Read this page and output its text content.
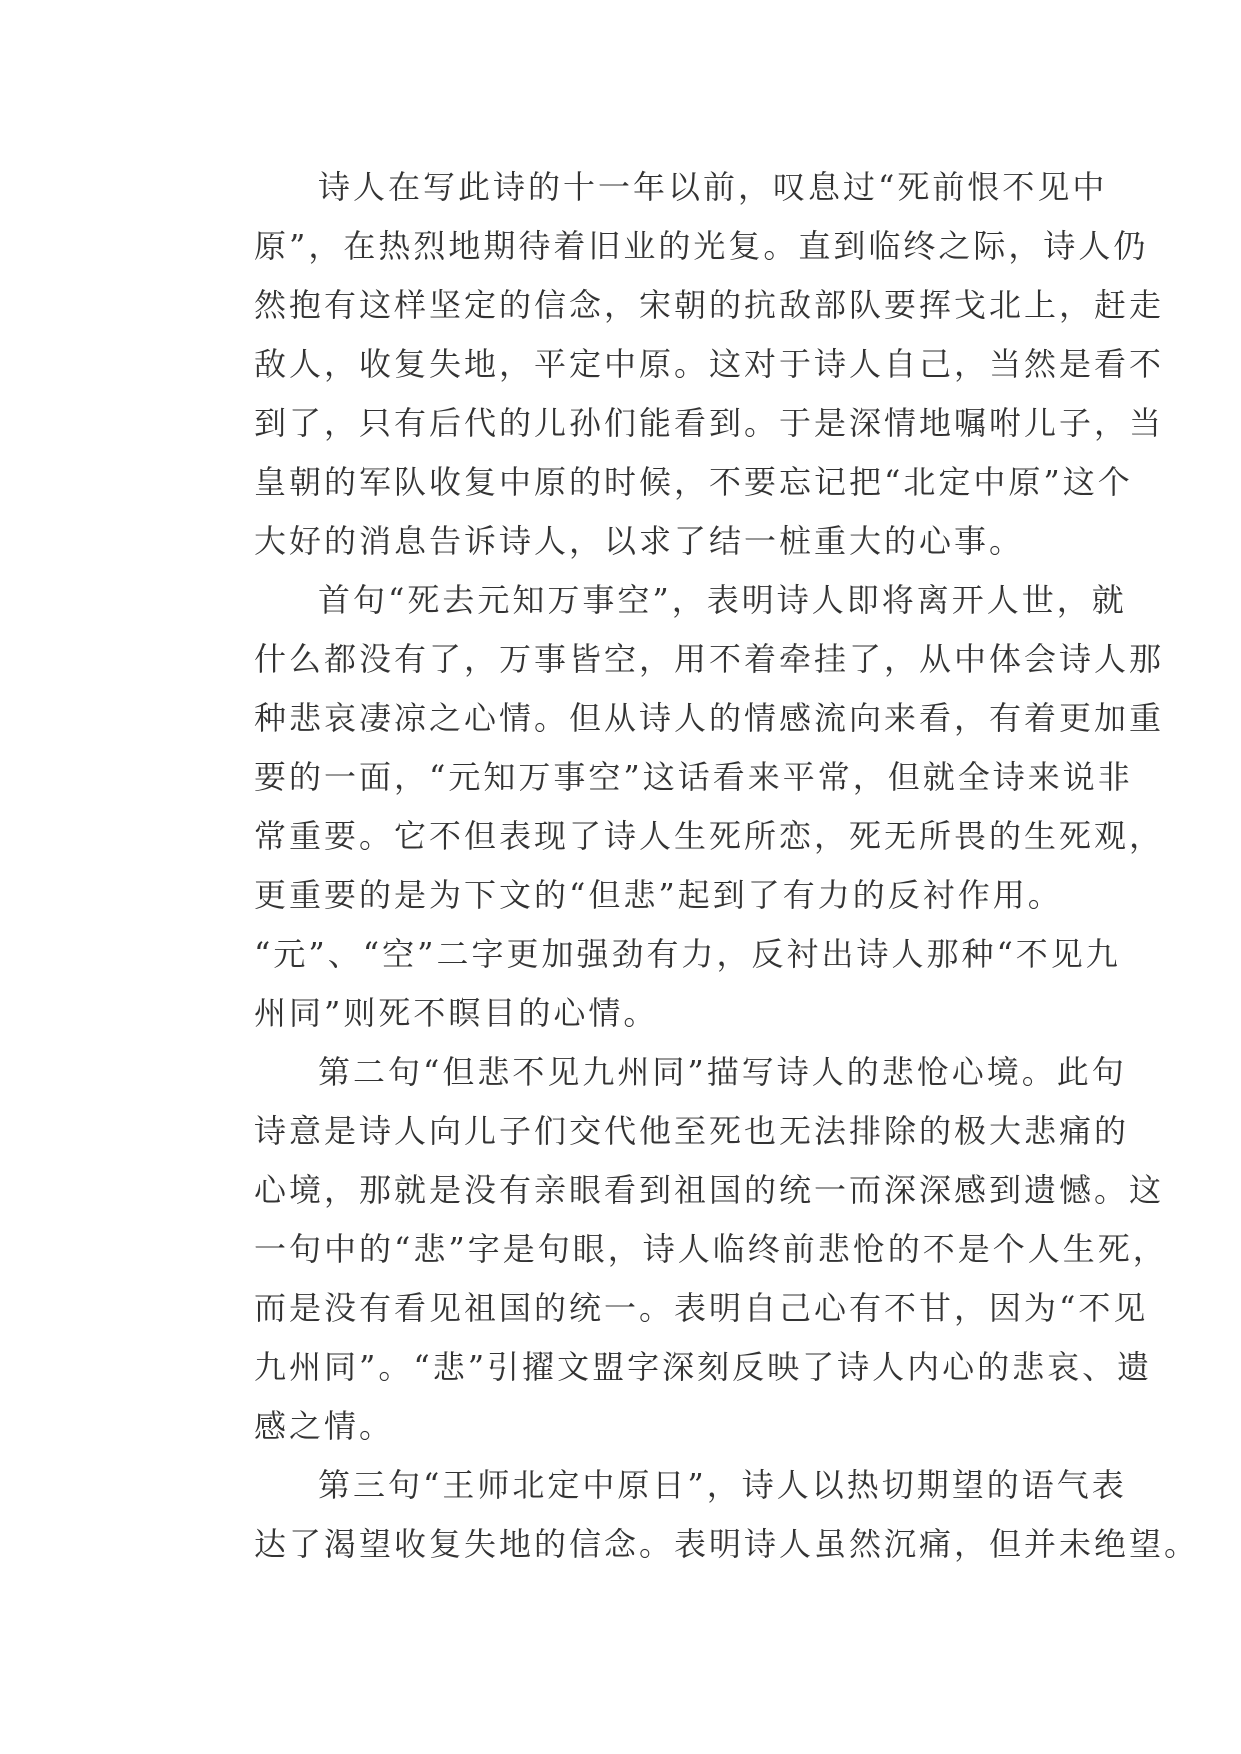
诗人在写此诗的十一年以前，叹息过“死前恨不见中
原”，在热烈地期待着旧业的光复。直到临终之际，诗人仍
然抱有这样坚定的信念，宋朝的抗敌部队要挥戈北上，赶走
敌人，收复失地，平定中原。这对于诗人自己，当然是看不
到了，只有后代的儿孙们能看到。于是深情地嘱咐儿子，当
皇朝的军队收复中原的时候，不要忘记把“北定中原”这个
大好的消息告诉诗人，以求了结一桩重大的心事。

首句“死去元知万事空”，表明诗人即将离开人世，就
什么都没有了，万事皆空，用不着牵挂了，从中体会诗人那
种悲哀凄凉之心情。但从诗人的情感流向来看，有着更加重
要的一面，“元知万事空”这话看来平常，但就全诗来说非
常重要。它不但表现了诗人生死所恋，死无所畏的生死观，
更重要的是为下文的“但悲”起到了有力的反衬作用。
“元”、“空”二字更加强劲有力，反衬出诗人那种“不见九
州同”则死不瞑目的心情。

第二句“但悲不见九州同”描写诗人的悲怆心境。此句
诗意是诗人向儿子们交代他至死也无法排除的极大悲痛的
心境，那就是没有亲眼看到祖国的统一而深深感到遗憾。这
一句中的“悲”字是句眼，诗人临终前悲怆的不是个人生死，
而是没有看见祖国的统一。表明自己心有不甘，因为“不见
九州同”。“悲”引擢文盟字深刻反映了诗人内心的悲哀、遗
感之情。

第三句“王师北定中原日”，诗人以热切期望的语气表
达了渴望收复失地的信念。表明诗人虽然沉痛，但并未绝望。
